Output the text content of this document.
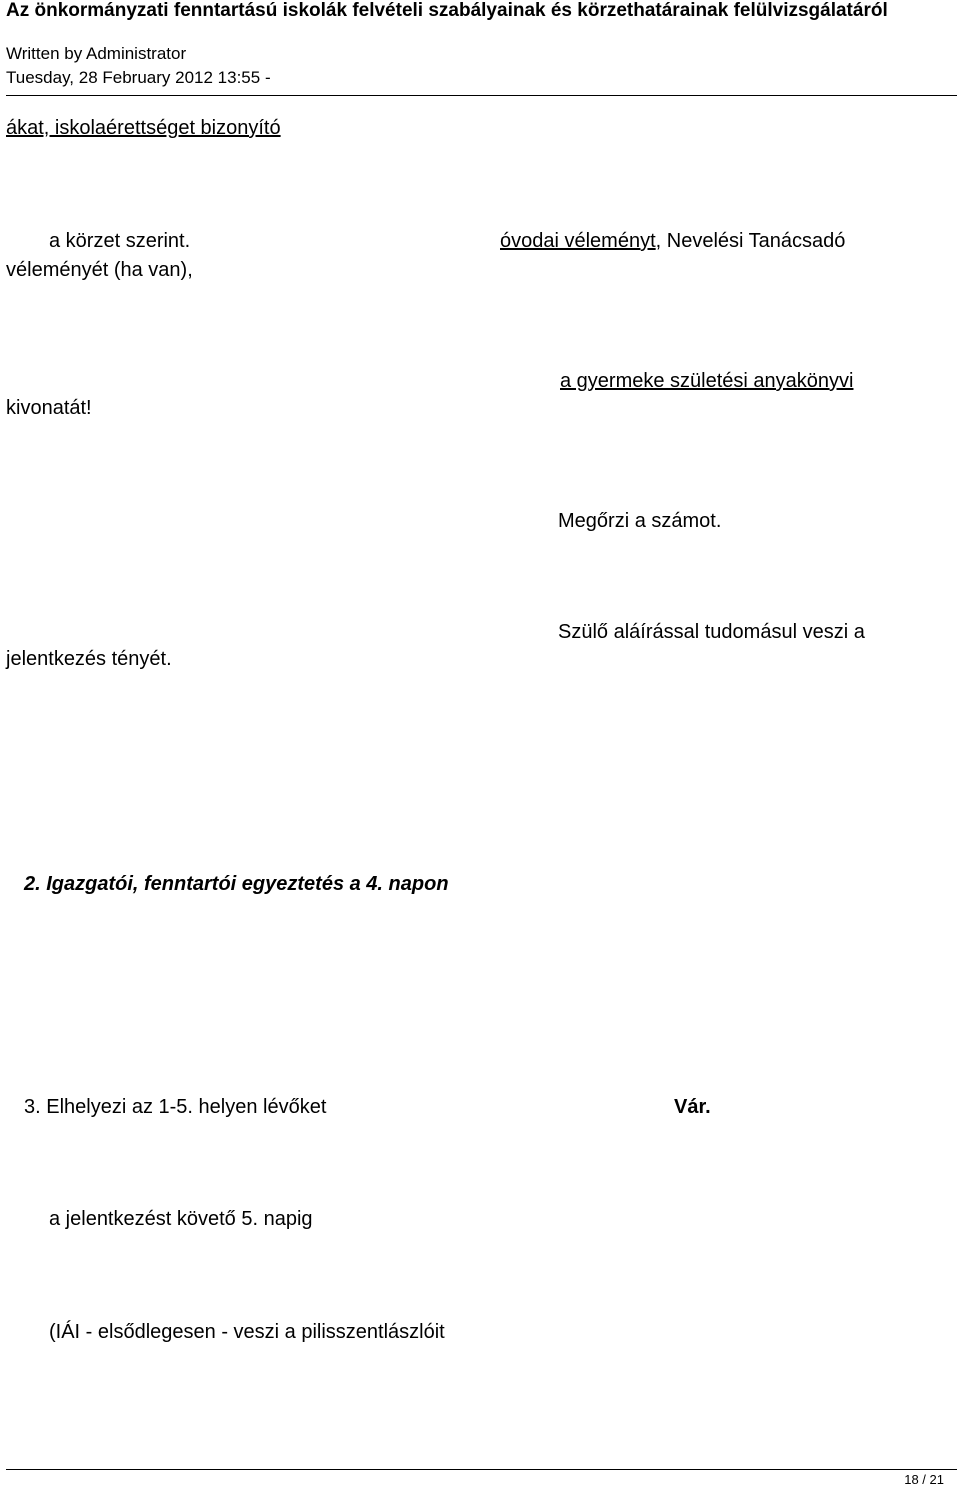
Az önkormányzati fenntartású iskolák felvételi szabályainak és körzethatárainak felülvizsgálatáról
Written by Administrator
Tuesday, 28 February 2012 13:55 -
ákat, iskolaérettséget bizonyító
a körzet szerint.	óvodai véleményt, Nevelési Tanácsadó
véleményét (ha van),
a gyermeke születési anyakönyvi
kivonatát!
Megőrzi a számot.
Szülő aláírással tudomásul veszi a
jelentkezés tényét.
2. Igazgatói, fenntartói egyeztetés a 4. napon
3. Elhelyezi az 1-5. helyen lévőket	Vár.
a jelentkezést követő 5. napig
(IÁI - elsődlegesen - veszi a pilisszentlászlóit
18 / 21
